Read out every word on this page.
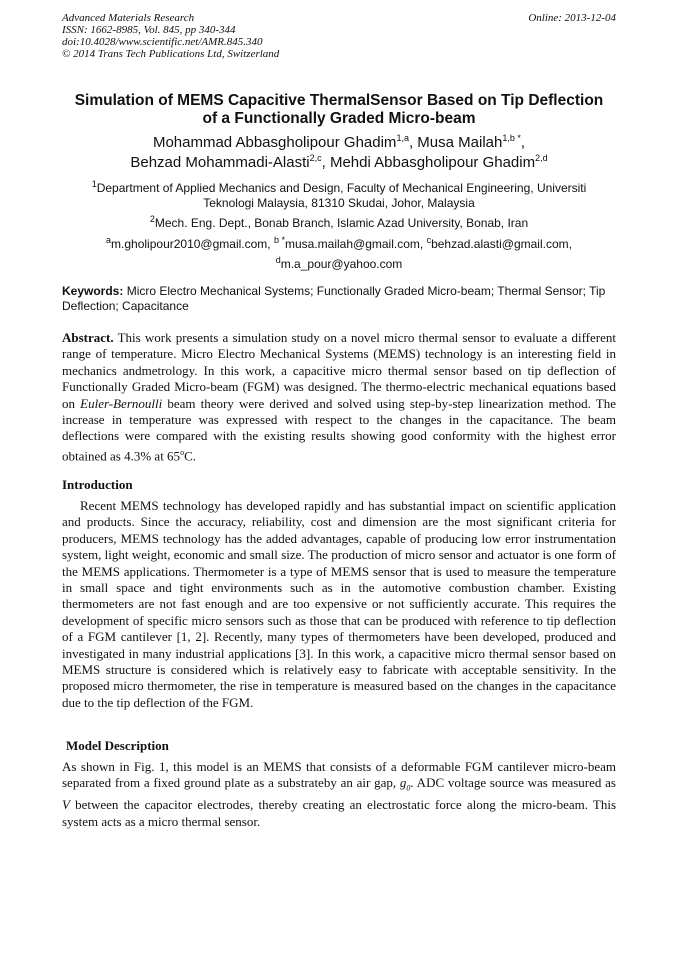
Advanced Materials Research
ISSN: 1662-8985, Vol. 845, pp 340-344
doi:10.4028/www.scientific.net/AMR.845.340
© 2014 Trans Tech Publications Ltd, Switzerland
Online: 2013-12-04
Simulation of MEMS Capacitive ThermalSensor Based on Tip Deflection
of a Functionally Graded Micro-beam
Mohammad Abbasgholipour Ghadim$^{1,a}$, Musa Mailah$^{1,b *}$,
Behzad Mohammadi-Alasti$^{2,c}$, Mehdi Abbasgholipour Ghadim$^{2,d}$
$^1$Department of Applied Mechanics and Design, Faculty of Mechanical Engineering, Universiti
Teknologi Malaysia, 81310 Skudai, Johor, Malaysia
$^2$Mech. Eng. Dept., Bonab Branch, Islamic Azad University, Bonab, Iran
$^a$m.gholipour2010@gmail.com, $^{b *}$musa.mailah@gmail.com, $^c$behzad.alasti@gmail.com,
$^d$m.a_pour@yahoo.com
Keywords: Micro Electro Mechanical Systems; Functionally Graded Micro-beam; Thermal Sensor; Tip Deflection; Capacitance
Abstract. This work presents a simulation study on a novel micro thermal sensor to evaluate a different range of temperature. Micro Electro Mechanical Systems (MEMS) technology is an interesting field in mechanics andmetrology. In this work, a capacitive micro thermal sensor based on tip deflection of Functionally Graded Micro-beam (FGM) was designed. The thermo-electric mechanical equations based on Euler-Bernoulli beam theory were derived and solved using step-by-step linearization method. The increase in temperature was expressed with respect to the changes in the capacitance. The beam deflections were compared with the existing results showing good conformity with the highest error obtained as 4.3% at 65$^o$C.
Introduction
Recent MEMS technology has developed rapidly and has substantial impact on scientific application and products. Since the accuracy, reliability, cost and dimension are the most significant criteria for producers, MEMS technology has the added advantages, capable of producing low error instrumentation system, light weight, economic and small size. The production of micro sensor and actuator is one form of the MEMS applications. Thermometer is a type of MEMS sensor that is used to measure the temperature in small space and tight environments such as in the automotive combustion chamber. Existing thermometers are not fast enough and are too expensive or not sufficiently accurate. This requires the development of specific micro sensors such as those that can be produced with reference to tip deflection of a FGM cantilever [1, 2]. Recently, many types of thermometers have been developed, produced and investigated in many industrial applications [3]. In this work, a capacitive micro thermal sensor based on MEMS structure is considered which is relatively easy to fabricate with acceptable sensitivity. In the proposed micro thermometer, the rise in temperature is measured based on the changes in the capacitance due to the tip deflection of the FGM.
Model Description
As shown in Fig. 1, this model is an MEMS that consists of a deformable FGM cantilever micro-beam separated from a fixed ground plate as a substrateby an air gap, $g_0$. ADC voltage source was measured as V between the capacitor electrodes, thereby creating an electrostatic force along the micro-beam. This system acts as a micro thermal sensor.
